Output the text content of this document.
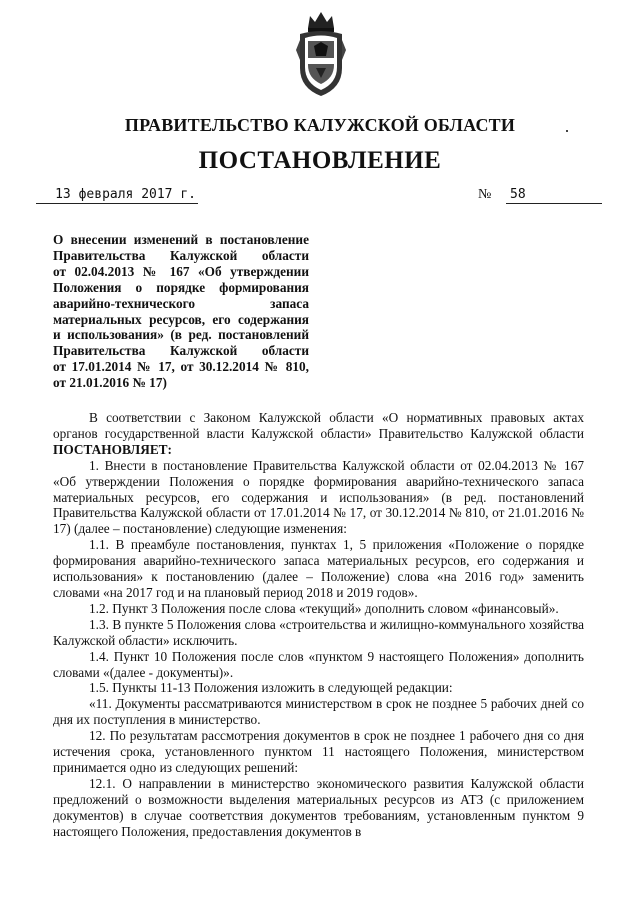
ПРАВИТЕЛЬСТВО КАЛУЖСКОЙ ОБЛАСТИ
ПОСТАНОВЛЕНИЕ
13 февраля 2017 г.	№	58
О внесении изменений в постановление
Правительства Калужской области
от 02.04.2013 № 167 «Об утверждении
Положения о порядке формирования
аварийно-технического запаса
материальных ресурсов, его содержания
и использования» (в ред. постановлений
Правительства Калужской области
от 17.01.2014 № 17, от 30.12.2014 № 810,
от 21.01.2016 № 17)

В соответствии с Законом Калужской области «О нормативных правовых актах органов государственной власти Калужской области» Правительство Калужской области ПОСТАНОВЛЯЕТ:

1. Внести в постановление Правительства Калужской области от 02.04.2013 № 167 «Об утверждении Положения о порядке формирования аварийно-технического запаса материальных ресурсов, его содержания и использования» (в ред. постановлений Правительства Калужской области от 17.01.2014 № 17, от 30.12.2014 № 810, от 21.01.2016 № 17) (далее – постановление) следующие изменения:

1.1. В преамбуле постановления, пунктах 1, 5 приложения «Положение о порядке формирования аварийно-технического запаса материальных ресурсов, его содержания и использования» к постановлению (далее – Положение) слова «на 2016 год» заменить словами «на 2017 год и на плановый период 2018 и 2019 годов».

1.2. Пункт 3 Положения после слова «текущий» дополнить словом «финансовый».

1.3. В пункте 5 Положения слова «строительства и жилищно-коммунального хозяйства Калужской области» исключить.

1.4. Пункт 10 Положения после слов «пунктом 9 настоящего Положения» дополнить словами «(далее - документы)».

1.5. Пункты 11-13 Положения изложить в следующей редакции:

«11. Документы рассматриваются министерством в срок не позднее 5 рабочих дней со дня их поступления в министерство.

12. По результатам рассмотрения документов в срок не позднее 1 рабочего дня со дня истечения срока, установленного пунктом 11 настоящего Положения, министерством принимается одно из следующих решений:

12.1. О направлении в министерство экономического развития Калужской области предложений о возможности выделения материальных ресурсов из АТЗ (с приложением документов) в случае соответствия документов требованиям, установленным пунктом 9 настоящего Положения, предоставления документов в
